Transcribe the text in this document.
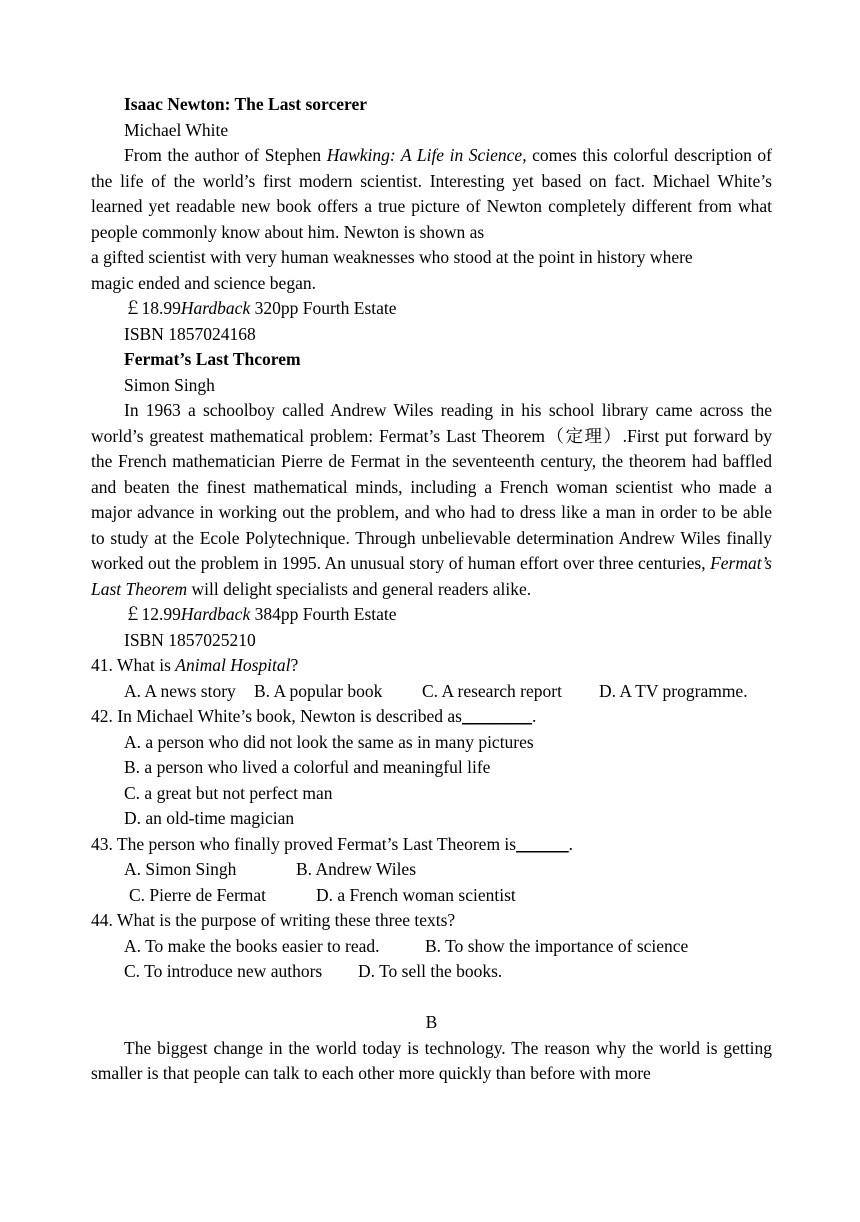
Isaac Newton: The Last sorcerer
Michael White
From the author of Stephen Hawking: A Life in Science, comes this colorful description of the life of the world’s first modern scientist. Interesting yet based on fact. Michael White’s learned yet readable new book offers a true picture of Newton completely different from what people commonly know about him. Newton is shown as
a gifted scientist with very human weaknesses who stood at the point in history where
magic ended and science began.
￡18.99Hardback 320pp Fourth Estate
ISBN 1857024168
Fermat’s Last Thcorem
Simon Singh
In 1963 a schoolboy called Andrew Wiles reading in his school library came across the world’s greatest mathematical problem: Fermat’s Last Theorem（定理）.First put forward by the French mathematician Pierre de Fermat in the seventeenth century, the theorem had baffled and beaten the finest mathematical minds, including a French woman scientist who made a major advance in working out the problem, and who had to dress like a man in order to be able to study at the Ecole Polytechnique. Through unbelievable determination Andrew Wiles finally worked out the problem in 1995. An unusual story of human effort over three centuries, Fermat’s Last Theorem will delight specialists and general readers alike.
￡12.99Hardback 384pp Fourth Estate
ISBN 1857025210
41. What is Animal Hospital?
A. A news story B. A popular book C. A research report D. A TV programme.
42. In Michael White’s book, Newton is described as________.
A. a person who did not look the same as in many pictures
B. a person who lived a colorful and meaningful life
C. a great but not perfect man
D. an old-time magician
43. The person who finally proved Fermat’s Last Theorem is______.
A. Simon Singh	B. Andrew Wiles
C. Pierre de Fermat	D. a French woman scientist
44. What is the purpose of writing these three texts?
A. To make the books easier to read.	B. To show the importance of science
C. To introduce new authors D. To sell the books.
B
The biggest change in the world today is technology. The reason why the world is getting smaller is that people can talk to each other more quickly than before with more
